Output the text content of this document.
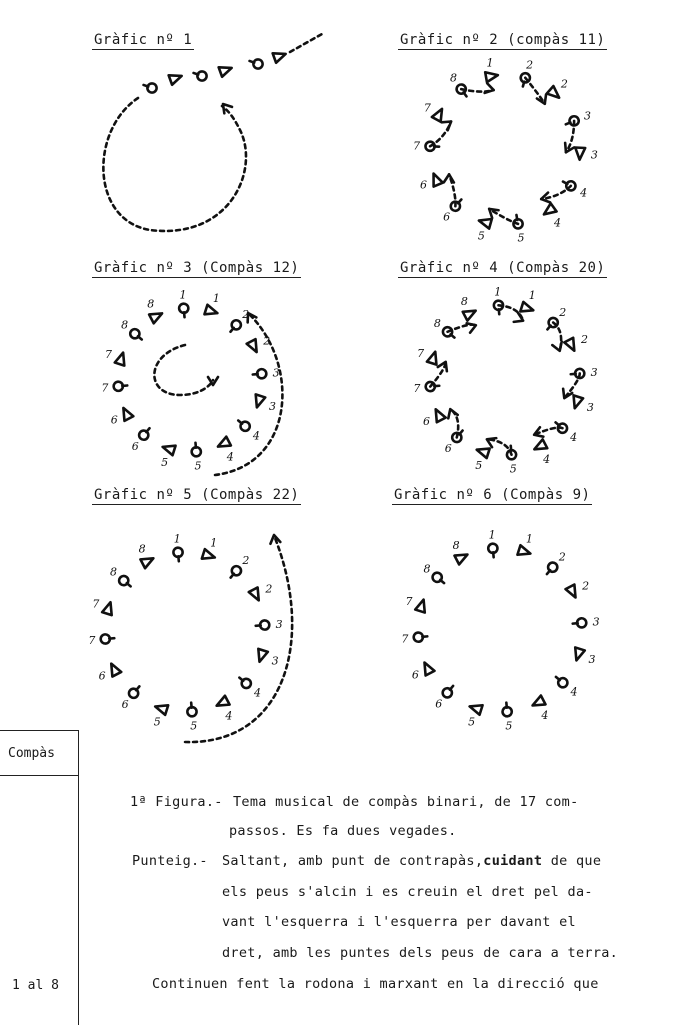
Gràfic nº 1	Gràfic nº 2 (compàs 11)
Gràfic nº 3 (Compàs 12)	Gràfic nº 4 (Compàs 20)
Gràfic nº 5 (Compàs 22)	Gràfic nº 6 (Compàs 9)
1	2
2
3
3
4
4
5
5
6
6
7
7
8
1 1
2
2
3
3
4
4
5
5
6
6
7
7
8
8
1	1
2
2
3
3
4
4
5
5
6
6
7
7
8
8
1	1
2
2
3
3
4
4
5
5
6
6
7
7
8
8
1	1
2
2
3
3
4
4
5
5
6
6
7
7
8
8
Compàs
1 al 8
1ª Figura.- Tema musical de compàs binari, de 17 com-
passos. Es fa dues vegades.
Punteig.- Saltant, amb punt de contrapàs,cuidant de que
els peus s'alcin i es creuin el dret pel da-
vant l'esquerra i l'esquerra per davant el
dret, amb les puntes dels peus de cara a terra.
Continuen fent la rodona i marxant en la direcció que
